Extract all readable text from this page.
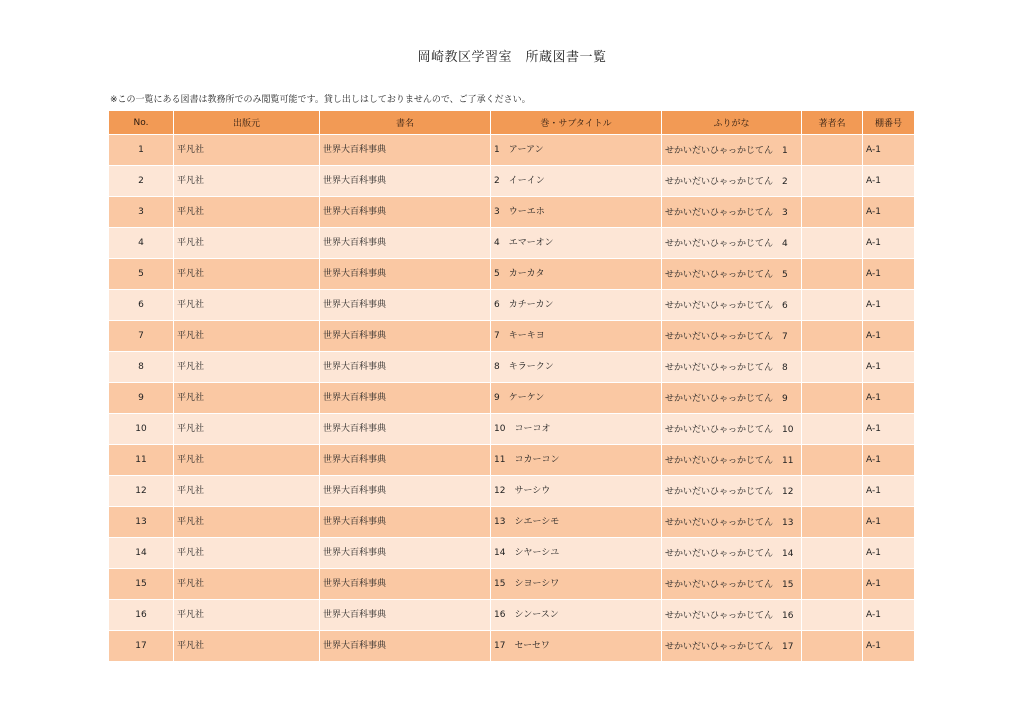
岡崎教区学習室　所蔵図書一覧
※この一覧にある図書は教務所でのみ閲覧可能です。貸し出しはしておりませんので、ご了承ください。
No.	出版元	書名	巻・サブタイトル	ふりがな	著者名	棚番号
1	平凡社	世界大百科事典	1　アーアン	せかいだいひゃっかじてん　1		A-1
2	平凡社	世界大百科事典	2　イーイン	せかいだいひゃっかじてん　2		A-1
3	平凡社	世界大百科事典	3　ウーエホ	せかいだいひゃっかじてん　3		A-1
4	平凡社	世界大百科事典	4　エマーオン	せかいだいひゃっかじてん　4		A-1
5	平凡社	世界大百科事典	5　カーカタ	せかいだいひゃっかじてん　5		A-1
6	平凡社	世界大百科事典	6　カチーカン	せかいだいひゃっかじてん　6		A-1
7	平凡社	世界大百科事典	7　キーキヨ	せかいだいひゃっかじてん　7		A-1
8	平凡社	世界大百科事典	8　キラークン	せかいだいひゃっかじてん　8		A-1
9	平凡社	世界大百科事典	9　ケーケン	せかいだいひゃっかじてん　9		A-1
10	平凡社	世界大百科事典	10　コーコオ	せかいだいひゃっかじてん　10		A-1
11	平凡社	世界大百科事典	11　コカーコン	せかいだいひゃっかじてん　11		A-1
12	平凡社	世界大百科事典	12　サーシウ	せかいだいひゃっかじてん　12		A-1
13	平凡社	世界大百科事典	13　シエーシモ	せかいだいひゃっかじてん　13		A-1
14	平凡社	世界大百科事典	14　シヤーシユ	せかいだいひゃっかじてん　14		A-1
15	平凡社	世界大百科事典	15　シヨーシワ	せかいだいひゃっかじてん　15		A-1
16	平凡社	世界大百科事典	16　シンースン	せかいだいひゃっかじてん　16		A-1
17	平凡社	世界大百科事典	17　セーセワ	せかいだいひゃっかじてん　17		A-1
